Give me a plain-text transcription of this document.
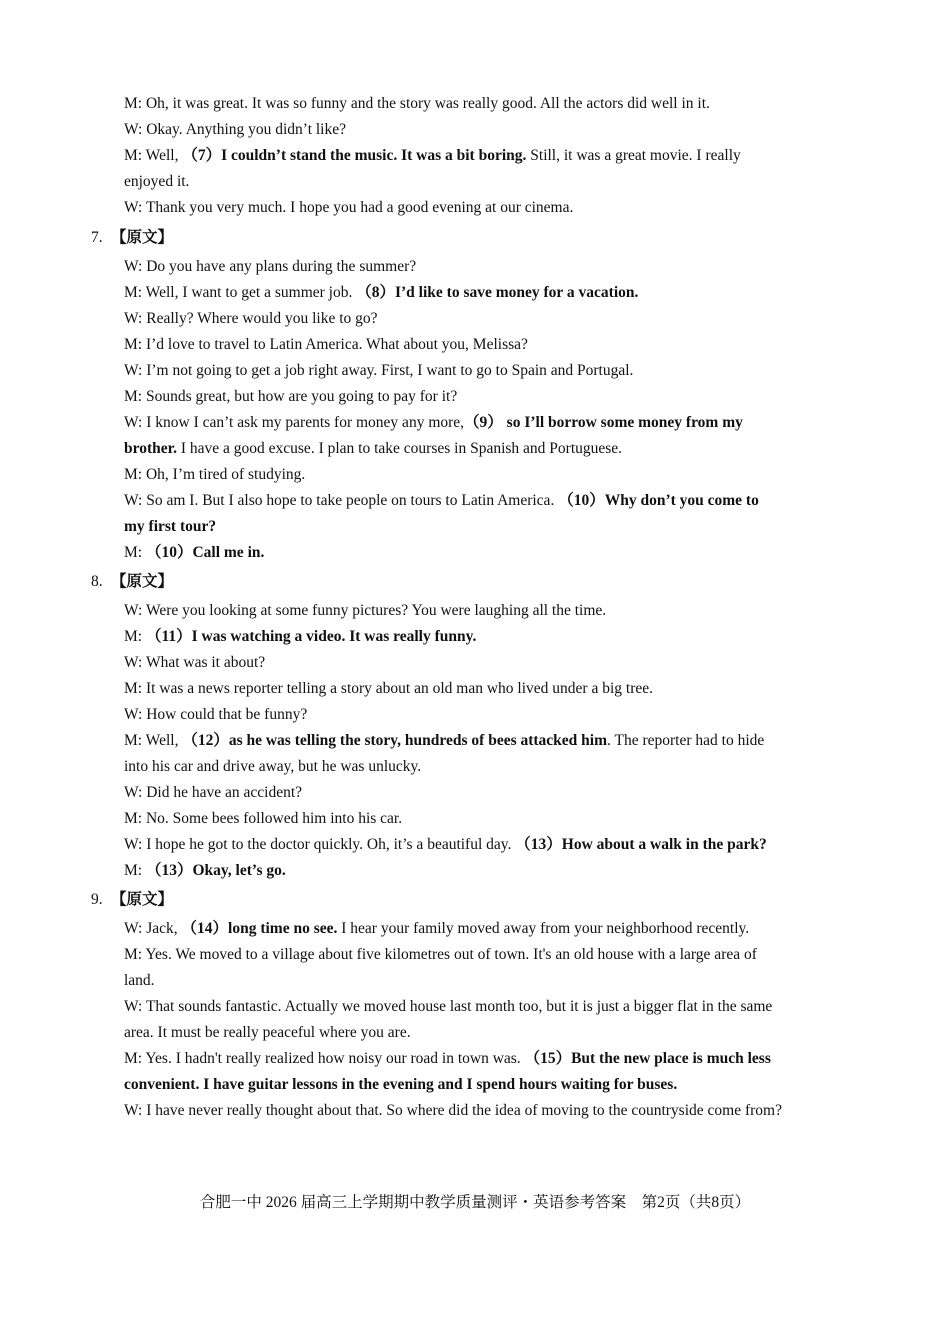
M: Oh, it was great. It was so funny and the story was really good. All the actors did well in it.
W: Okay. Anything you didn’t like?
M: Well, （7）I couldn’t stand the music. It was a bit boring. Still, it was a great movie. I really
enjoyed it.
W: Thank you very much. I hope you had a good evening at our cinema.
7. 【原文】
W: Do you have any plans during the summer?
M: Well, I want to get a summer job. （8）I’d like to save money for a vacation.
W: Really? Where would you like to go?
M: I’d love to travel to Latin America. What about you, Melissa?
W: I’m not going to get a job right away. First, I want to go to Spain and Portugal.
M: Sounds great, but how are you going to pay for it?
W: I know I can’t ask my parents for money any more,（9） so I’ll borrow some money from my
brother. I have a good excuse. I plan to take courses in Spanish and Portuguese.
M: Oh, I’m tired of studying.
W: So am I. But I also hope to take people on tours to Latin America. （10）Why don’t you come to
my first tour?
M: （10）Call me in.
8. 【原文】
W: Were you looking at some funny pictures? You were laughing all the time.
M: （11）I was watching a video. It was really funny.
W: What was it about?
M: It was a news reporter telling a story about an old man who lived under a big tree.
W: How could that be funny?
M: Well, （12）as he was telling the story, hundreds of bees attacked him. The reporter had to hide
into his car and drive away, but he was unlucky.
W: Did he have an accident?
M: No. Some bees followed him into his car.
W: I hope he got to the doctor quickly. Oh, it’s a beautiful day. （13）How about a walk in the park?
M: （13）Okay, let’s go.
9. 【原文】
W: Jack, （14）long time no see. I hear your family moved away from your neighborhood recently.
M: Yes. We moved to a village about five kilometres out of town. It's an old house with a large area of
land.
W: That sounds fantastic. Actually we moved house last month too, but it is just a bigger flat in the same
area. It must be really peaceful where you are.
M: Yes. I hadn't really realized how noisy our road in town was. （15）But the new place is much less
convenient. I have guitar lessons in the evening and I spend hours waiting for buses.
W: I have never really thought about that. So where did the idea of moving to the countryside come from?
合肥一中 2026 届高三上学期期中教学质量测评・英语参考答案　第2页（共8页）
